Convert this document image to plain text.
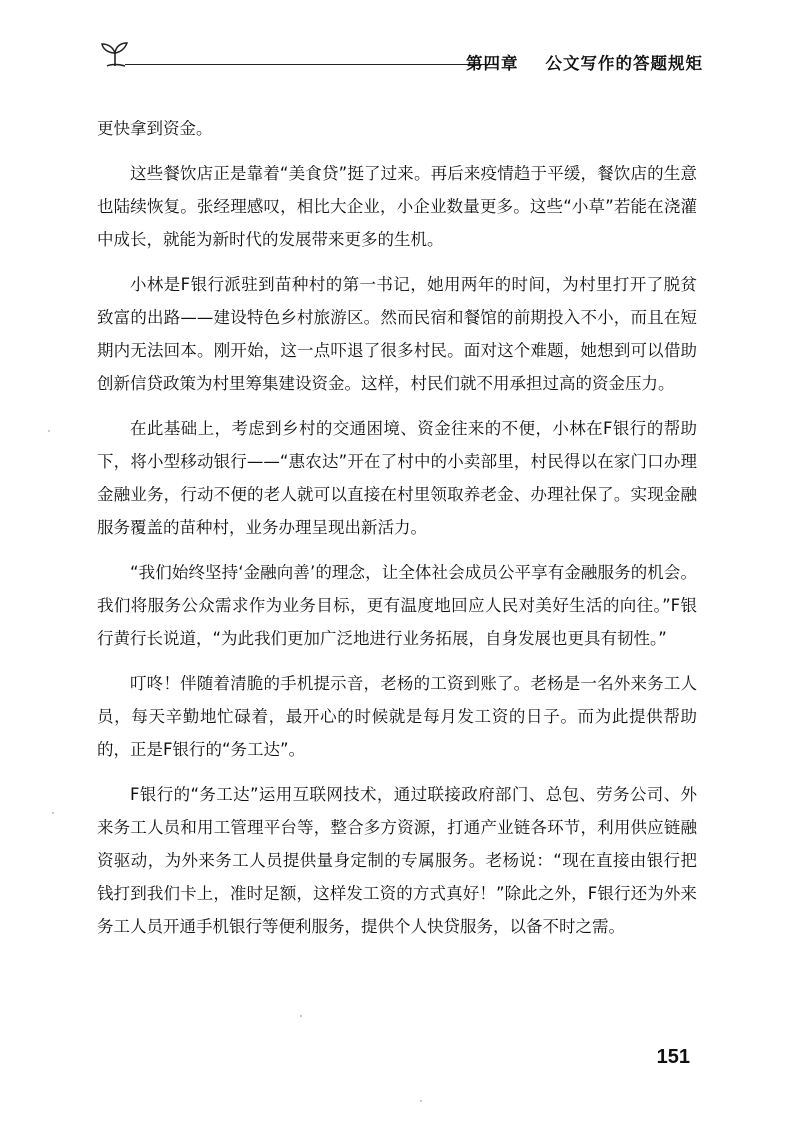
第四章 公文写作的答题规矩

更快拿到资金。

这些餐饮店正是靠着“美食贷”挺了过来。再后来疫情趋于平缓，餐饮店的生意也陆续恢复。张经理感叹，相比大企业，小企业数量更多。这些“小草”若能在浇灌中成长，就能为新时代的发展带来更多的生机。

小林是F银行派驻到苗种村的第一书记，她用两年的时间，为村里打开了脱贫致富的出路——建设特色乡村旅游区。然而民宿和餐馆的前期投入不小，而且在短期内无法回本。刚开始，这一点吓退了很多村民。面对这个难题，她想到可以借助创新信贷政策为村里筹集建设资金。这样，村民们就不用承担过高的资金压力。

在此基础上，考虑到乡村的交通困境、资金往来的不便，小林在F银行的帮助下，将小型移动银行——“惠农达”开在了村中的小卖部里，村民得以在家门口办理金融业务，行动不便的老人就可以直接在村里领取养老金、办理社保了。实现金融服务覆盖的苗种村，业务办理呈现出新活力。

“我们始终坚持‘金融向善’的理念，让全体社会成员公平享有金融服务的机会。我们将服务公众需求作为业务目标，更有温度地回应人民对美好生活的向往。”F银行黄行长说道，“为此我们更加广泛地进行业务拓展，自身发展也更具有韧性。”

叮咚！伴随着清脆的手机提示音，老杨的工资到账了。老杨是一名外来务工人员，每天辛勤地忙碌着，最开心的时候就是每月发工资的日子。而为此提供帮助的，正是F银行的“务工达”。

F银行的“务工达”运用互联网技术，通过联接政府部门、总包、劳务公司、外来务工人员和用工管理平台等，整合多方资源，打通产业链各环节，利用供应链融资驱动，为外来务工人员提供量身定制的专属服务。老杨说：“现在直接由银行把钱打到我们卡上，准时足额，这样发工资的方式真好！”除此之外，F银行还为外来务工人员开通手机银行等便利服务，提供个人快贷服务，以备不时之需。

151
